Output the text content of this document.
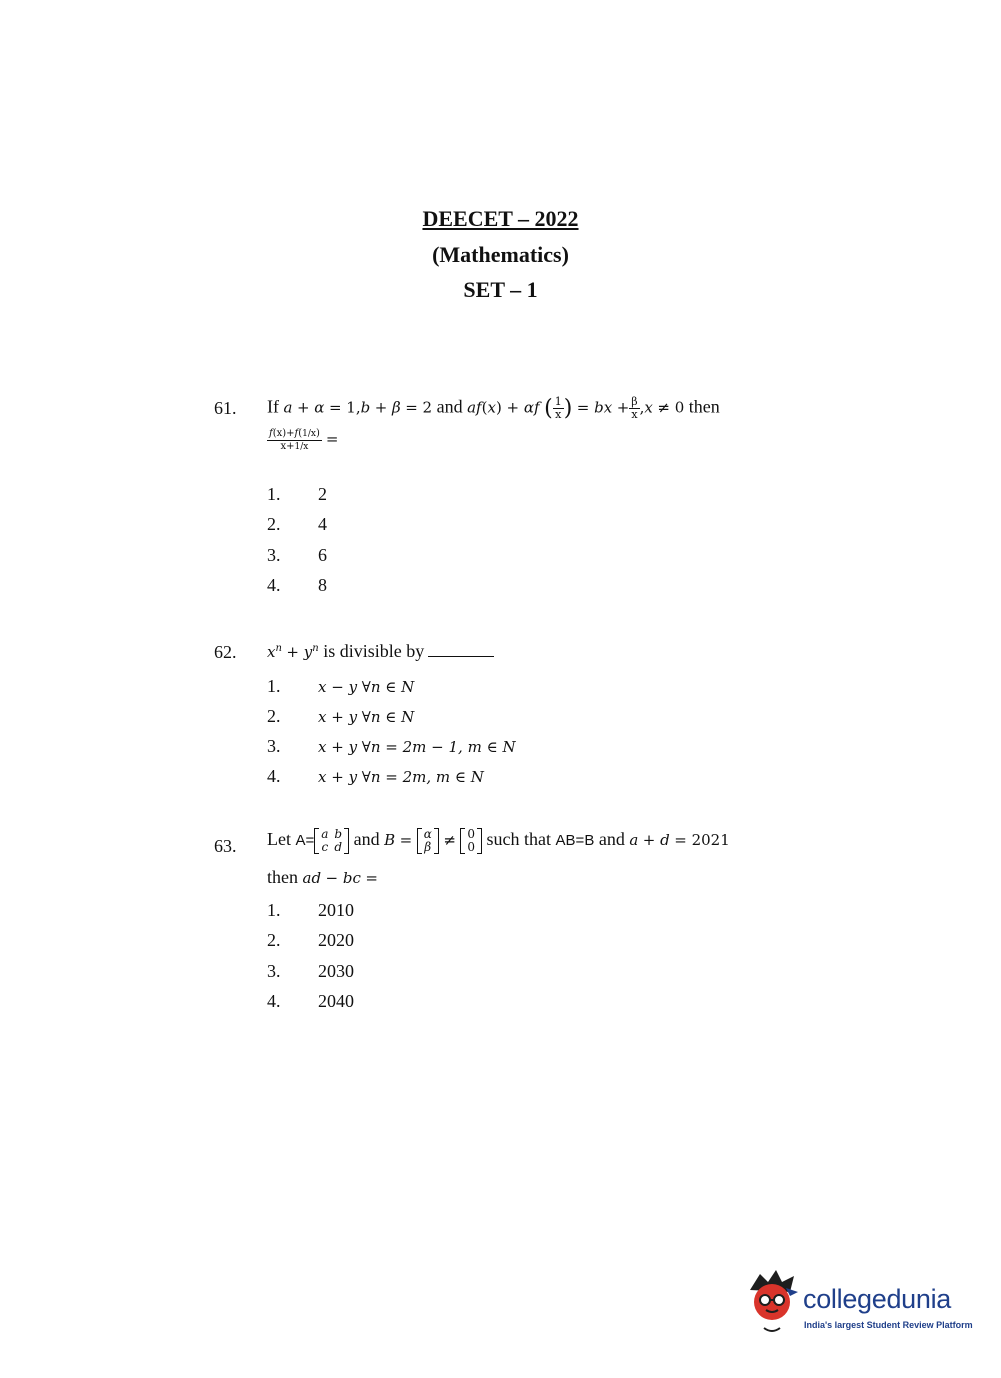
DEECET – 2022
(Mathematics)
SET – 1
61. If a + α = 1,b + β = 2 and af(x) + αf ( $\frac{1}{x}$ ) = bx + $\frac{\beta}{x} ,x \ne 0$ then
$\frac{f(x)+f(1/x)}{x+1/x}$ =
1. 2
2. 4
3. 6
4. 8
62. $x^n + y^n$ is divisible by
1.	x − y ∀n ∈ N
2.	x + y ∀n ∈ N
3.	x + y ∀n = 2m − 1, m ∈ N
4.	x + y ∀n = 2m, m ∈ N
63. Let A= a	b
c	d and B = α
β ≠ 0
0 such that AB=B and a + d = 2021
then ad − bc =
1. 2010
2. 2020
3. 2030
4. 2040
collegedunia
India's largest Student Review Platform
